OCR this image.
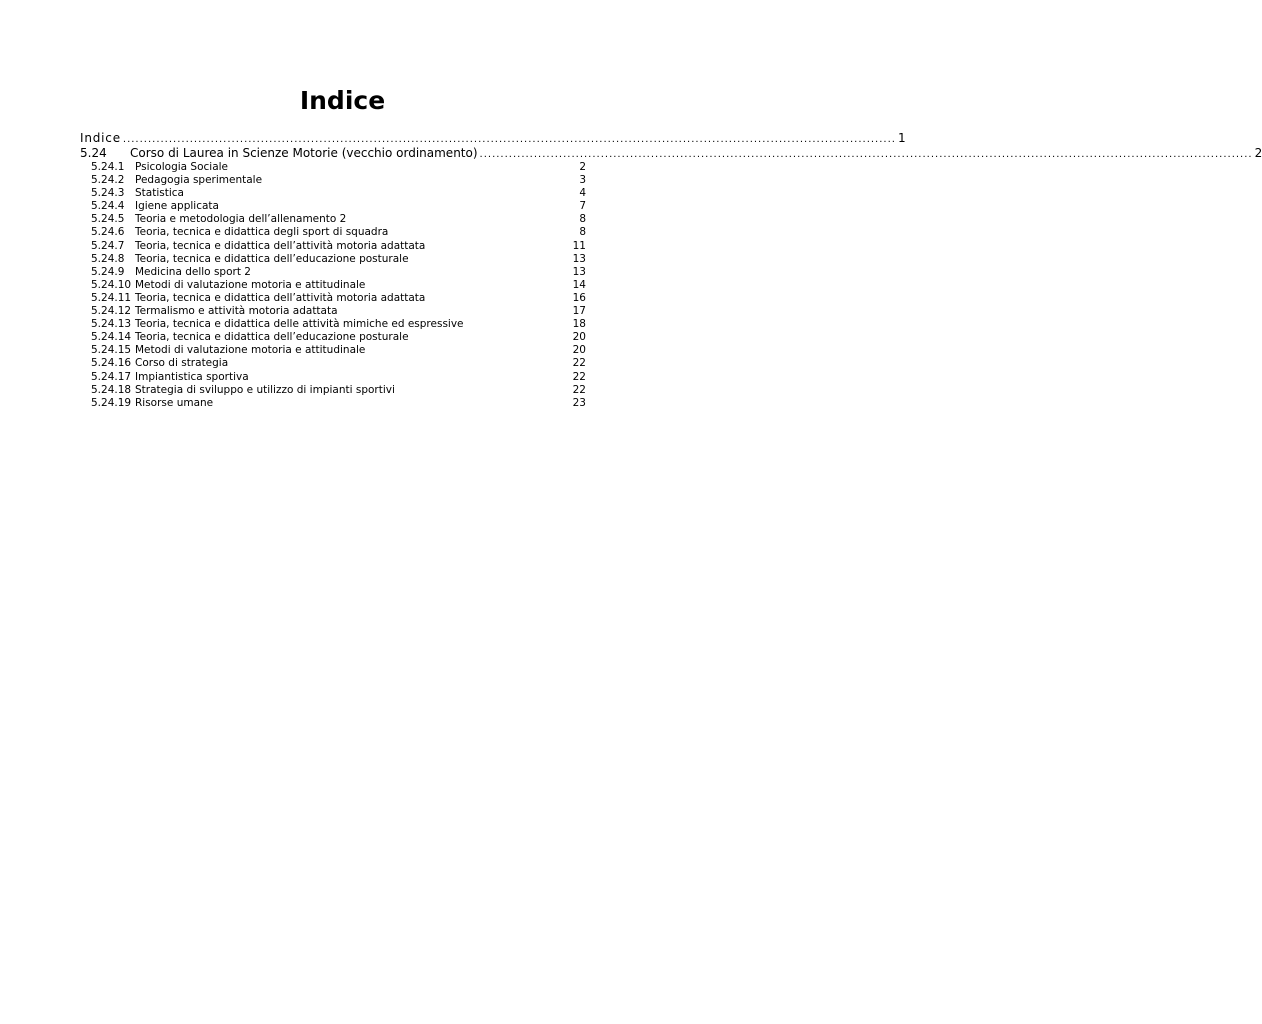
Indice
Indice ......................................................................................................................................................................................... 1
5.24	Corso di Laurea in Scienze Motorie (vecchio ordinamento) ......................................................................................................................................................................................... 2
5.24.1	Psicologia Sociale	2
5.24.2	Pedagogia sperimentale	3
5.24.3	Statistica	4
5.24.4	Igiene applicata	7
5.24.5	Teoria e metodologia dell’allenamento 2	8
5.24.6	Teoria, tecnica e didattica degli sport di squadra	8
5.24.7	Teoria, tecnica e didattica dell’attività motoria adattata	11
5.24.8	Teoria, tecnica e didattica dell’educazione posturale	13
5.24.9	Medicina dello sport 2	13
5.24.10 Metodi di valutazione motoria e attitudinale	14
5.24.11 Teoria, tecnica e didattica dell’attività motoria adattata	16
5.24.12 Termalismo e attività motoria adattata	17
5.24.13 Teoria, tecnica e didattica delle attività mimiche ed espressive	18
5.24.14 Teoria, tecnica e didattica dell’educazione posturale	20
5.24.15 Metodi di valutazione motoria e attitudinale	20
5.24.16 Corso di strategia	22
5.24.17 Impiantistica sportiva	22
5.24.18 Strategia di sviluppo e utilizzo di impianti sportivi	22
5.24.19 Risorse umane	23
